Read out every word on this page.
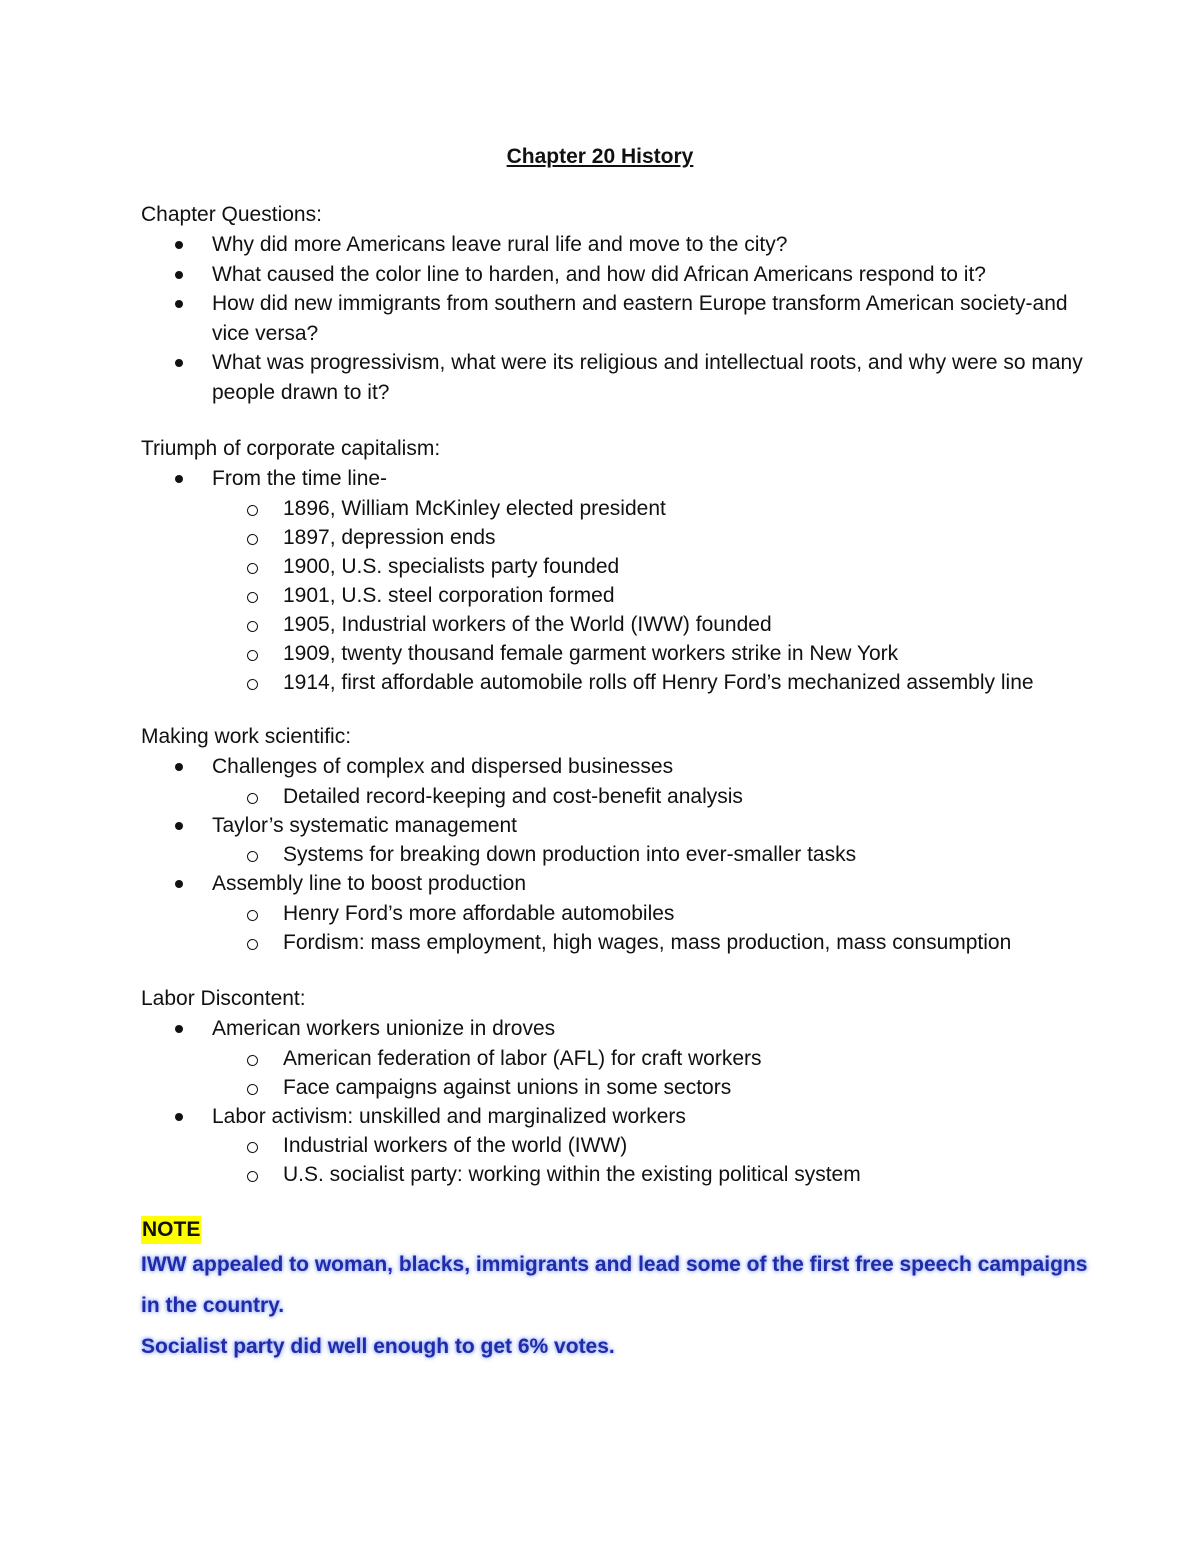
Chapter 20 History
Chapter Questions:
Why did more Americans leave rural life and move to the city?
What caused the color line to harden, and how did African Americans respond to it?
How did new immigrants from southern and eastern Europe transform American society-and vice versa?
What was progressivism, what were its religious and intellectual roots, and why were so many people drawn to it?
Triumph of corporate capitalism:
From the time line-
1896, William McKinley elected president
1897, depression ends
1900, U.S. specialists party founded
1901, U.S. steel corporation formed
1905, Industrial workers of the World (IWW) founded
1909, twenty thousand female garment workers strike in New York
1914, first affordable automobile rolls off Henry Ford’s mechanized assembly line
Making work scientific:
Challenges of complex and dispersed businesses
Detailed record-keeping and cost-benefit analysis
Taylor’s systematic management
Systems for breaking down production into ever-smaller tasks
Assembly line to boost production
Henry Ford’s more affordable automobiles
Fordism: mass employment, high wages, mass production, mass consumption
Labor Discontent:
American workers unionize in droves
American federation of labor (AFL) for craft workers
Face campaigns against unions in some sectors
Labor activism: unskilled and marginalized workers
Industrial workers of the world (IWW)
U.S. socialist party: working within the existing political system
NOTE
IWW appealed to woman, blacks, immigrants and lead some of the first free speech campaigns
in the country.
Socialist party did well enough to get 6% votes.
